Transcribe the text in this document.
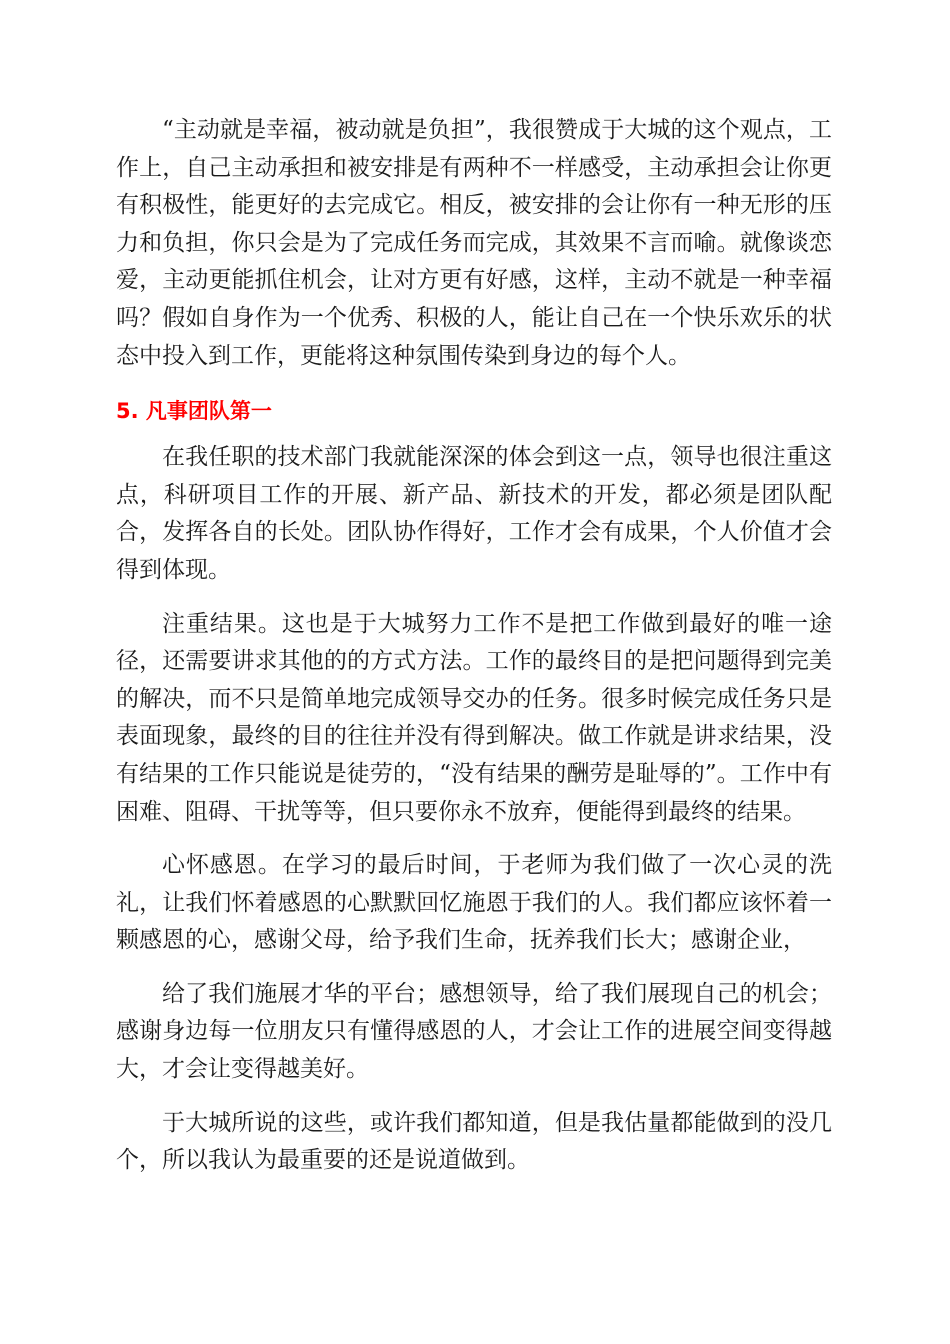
“主动就是幸福，被动就是负担”，我很赞成于大城的这个观点，工作上，自己主动承担和被安排是有两种不一样感受，主动承担会让你更有积极性，能更好的去完成它。相反，被安排的会让你有一种无形的压力和负担，你只会是为了完成任务而完成，其效果不言而喻。就像谈恋爱，主动更能抓住机会，让对方更有好感，这样，主动不就是一种幸福吗？假如自身作为一个优秀、积极的人，能让自己在一个快乐欢乐的状态中投入到工作，更能将这种氛围传染到身边的每个人。

5. 凡事团队第一

在我任职的技术部门我就能深深的体会到这一点，领导也很注重这点，科研项目工作的开展、新产品、新技术的开发，都必须是团队配合，发挥各自的长处。团队协作得好，工作才会有成果，个人价值才会得到体现。

注重结果。这也是于大城努力工作不是把工作做到最好的唯一途径，还需要讲求其他的的方式方法。工作的最终目的是把问题得到完美的解决，而不只是简单地完成领导交办的任务。很多时候完成任务只是表面现象，最终的目的往往并没有得到解决。做工作就是讲求结果，没有结果的工作只能说是徒劳的，“没有结果的酬劳是耻辱的”。工作中有困难、阻碍、干扰等等，但只要你永不放弃，便能得到最终的结果。

心怀感恩。在学习的最后时间，于老师为我们做了一次心灵的洗礼，让我们怀着感恩的心默默回忆施恩于我们的人。我们都应该怀着一颗感恩的心，感谢父母，给予我们生命，抚养我们长大；感谢企业，

给了我们施展才华的平台；感想领导，给了我们展现自己的机会；感谢身边每一位朋友只有懂得感恩的人，才会让工作的进展空间变得越大，才会让变得越美好。

于大城所说的这些，或许我们都知道，但是我估量都能做到的没几个，所以我认为最重要的还是说道做到。
